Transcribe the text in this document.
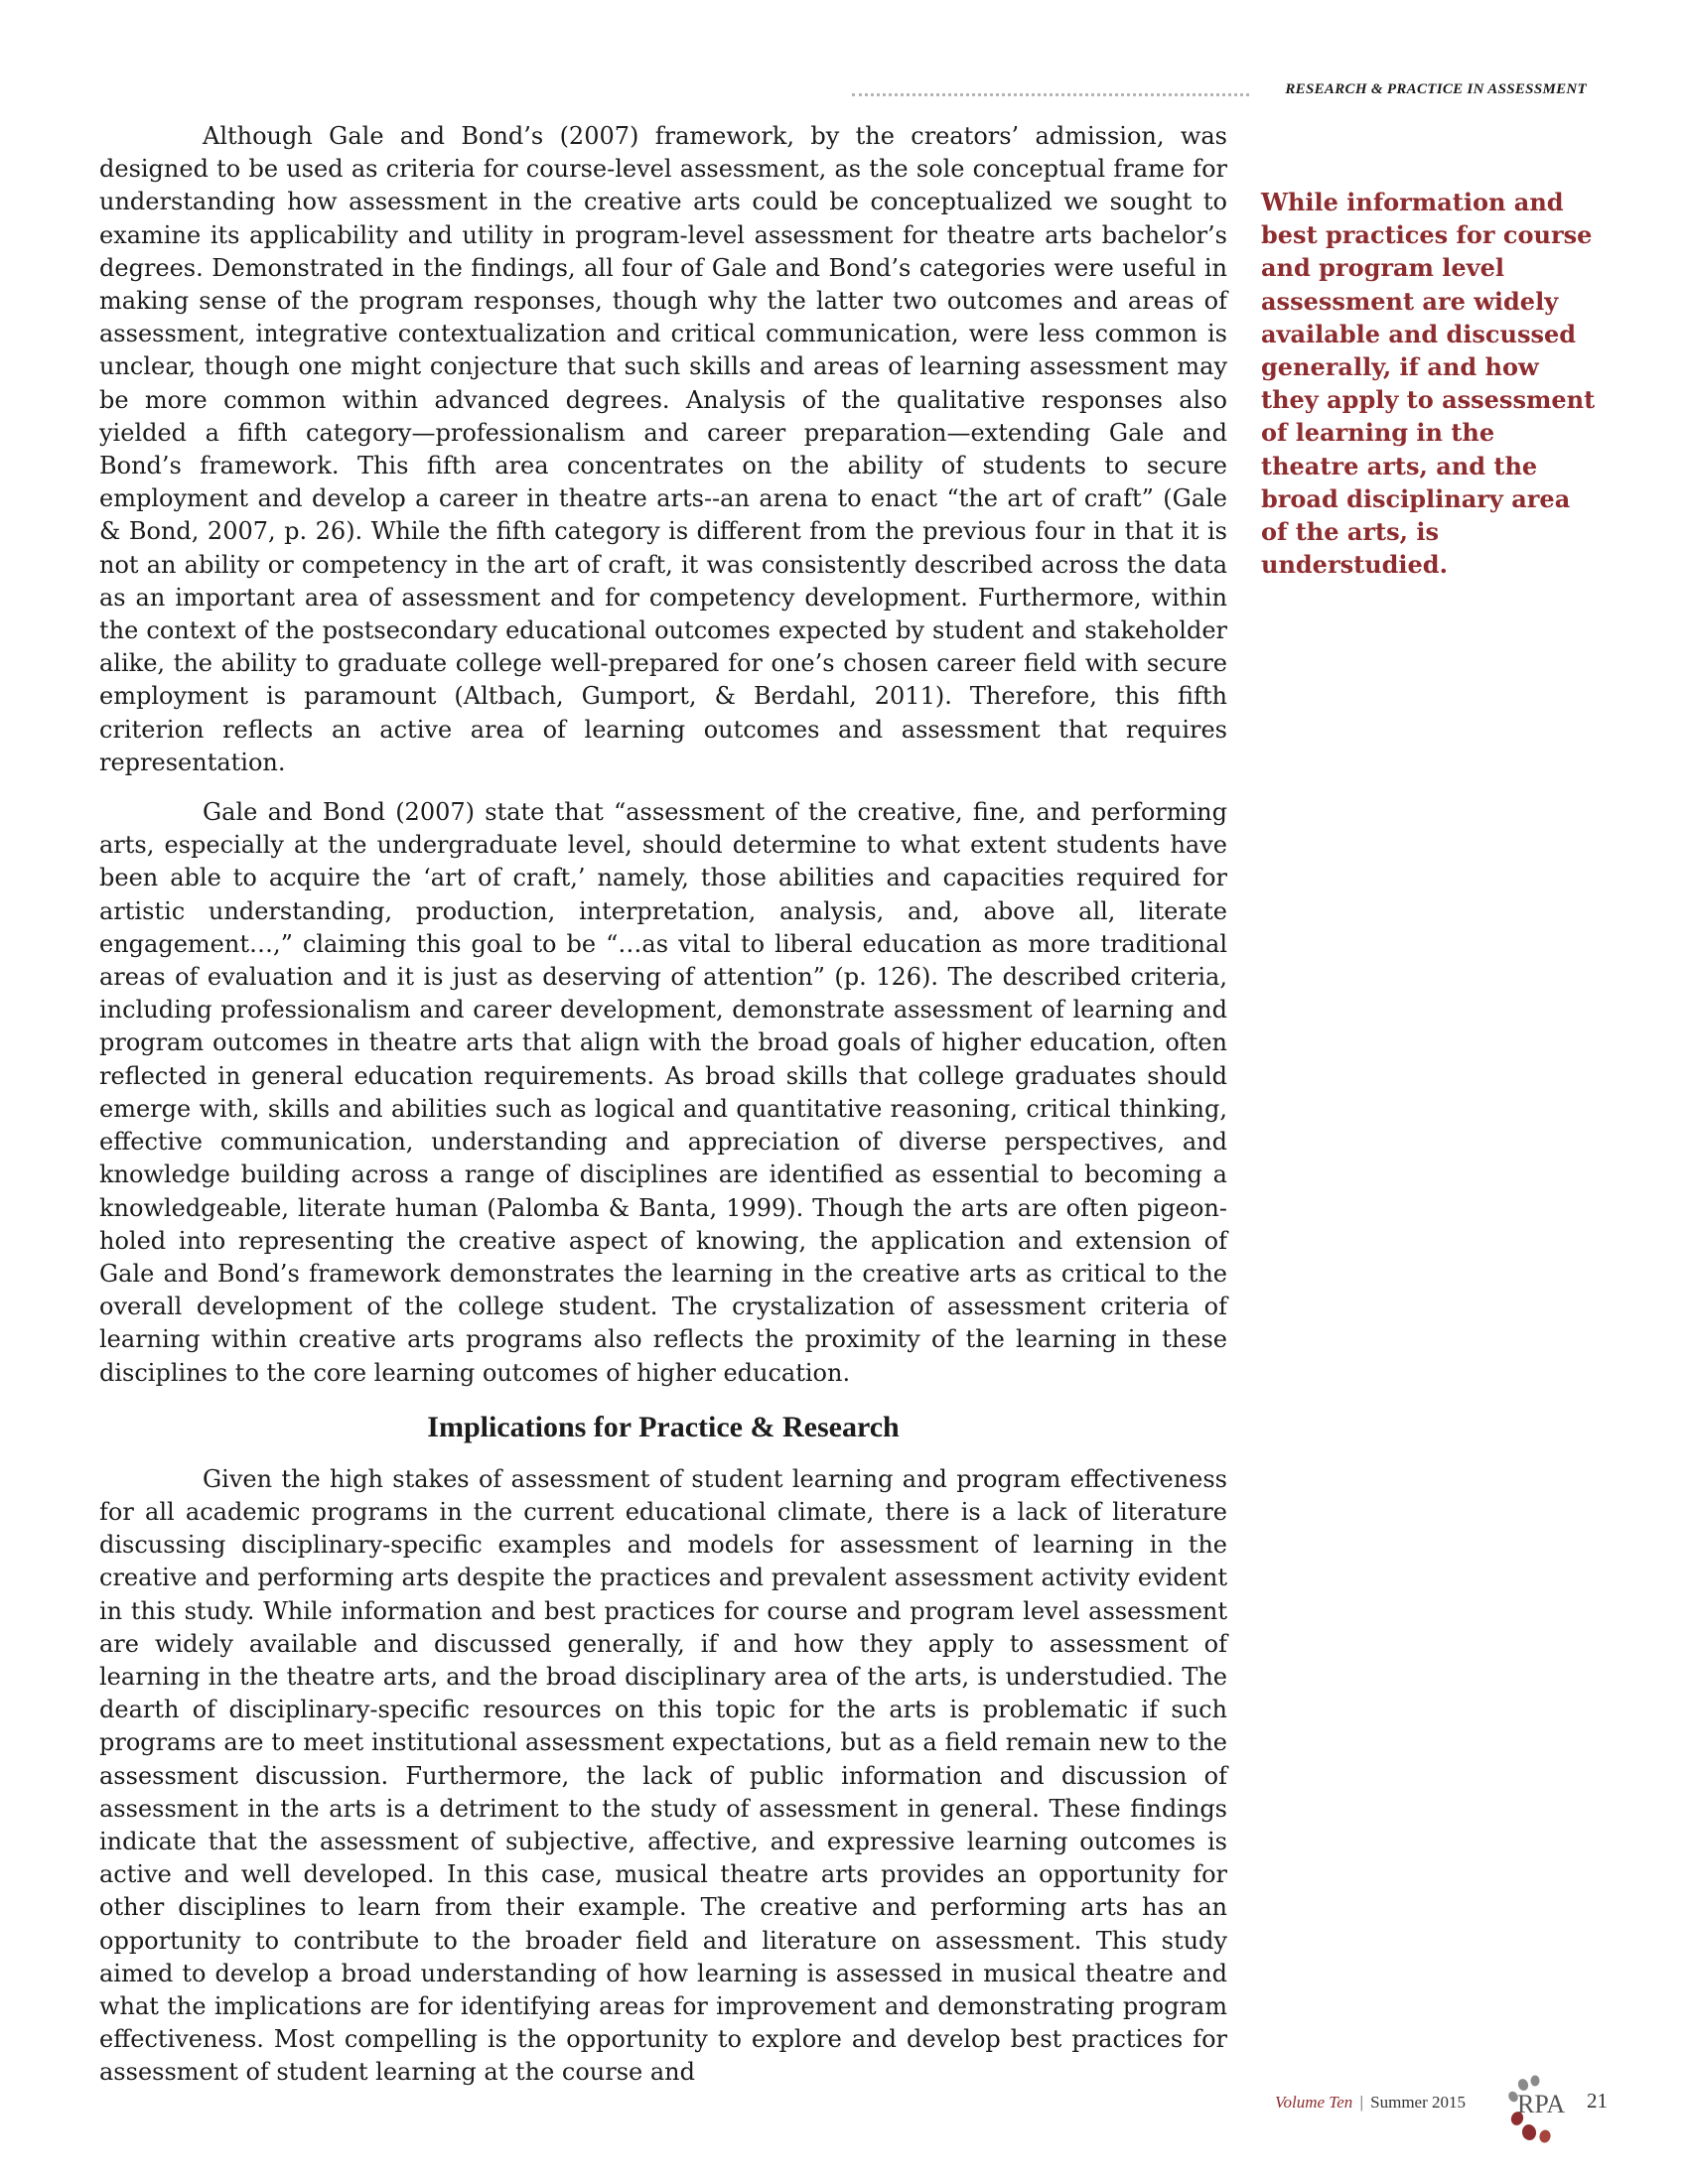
RESEARCH & PRACTICE IN ASSESSMENT

Although Gale and Bond’s (2007) framework, by the creators’ admission, was designed to be used as criteria for course-level assessment, as the sole conceptual frame for understanding how assessment in the creative arts could be conceptualized we sought to examine its applicability and utility in program-level assessment for theatre arts bachelor’s degrees. Demonstrated in the findings, all four of Gale and Bond’s categories were useful in making sense of the program responses, though why the latter two outcomes and areas of assessment, integrative contextualization and critical communication, were less common is unclear, though one might conjecture that such skills and areas of learning assessment may be more common within advanced degrees. Analysis of the qualitative responses also yielded a fifth category—professionalism and career preparation—extending Gale and Bond’s framework. This fifth area concentrates on the ability of students to secure employment and develop a career in theatre arts--an arena to enact “the art of craft” (Gale & Bond, 2007, p. 26). While the fifth category is different from the previous four in that it is not an ability or competency in the art of craft, it was consistently described across the data as an important area of assessment and for competency development. Furthermore, within the context of the postsecondary educational outcomes expected by student and stakeholder alike, the ability to graduate college well-prepared for one’s chosen career field with secure employment is paramount (Altbach, Gumport, & Berdahl, 2011). Therefore, this fifth criterion reflects an active area of learning outcomes and assessment that requires representation.

Gale and Bond (2007) state that “assessment of the creative, fine, and performing arts, especially at the undergraduate level, should determine to what extent students have been able to acquire the ‘art of craft,’ namely, those abilities and capacities required for artistic understanding, production, interpretation, analysis, and, above all, literate engagement…,” claiming this goal to be “…as vital to liberal education as more traditional areas of evaluation and it is just as deserving of attention” (p. 126). The described criteria, including professionalism and career development, demonstrate assessment of learning and program outcomes in theatre arts that align with the broad goals of higher education, often reflected in general education requirements. As broad skills that college graduates should emerge with, skills and abilities such as logical and quantitative reasoning, critical thinking, effective communication, understanding and appreciation of diverse perspectives, and knowledge building across a range of disciplines are identified as essential to becoming a knowledgeable, literate human (Palomba & Banta, 1999). Though the arts are often pigeon-holed into representing the creative aspect of knowing, the application and extension of Gale and Bond’s framework demonstrates the learning in the creative arts as critical to the overall development of the college student. The crystalization of assessment criteria of learning within creative arts programs also reflects the proximity of the learning in these disciplines to the core learning outcomes of higher education.

Implications for Practice & Research

Given the high stakes of assessment of student learning and program effectiveness for all academic programs in the current educational climate, there is a lack of literature discussing disciplinary-specific examples and models for assessment of learning in the creative and performing arts despite the practices and prevalent assessment activity evident in this study. While information and best practices for course and program level assessment are widely available and discussed generally, if and how they apply to assessment of learning in the theatre arts, and the broad disciplinary area of the arts, is understudied. The dearth of disciplinary-specific resources on this topic for the arts is problematic if such programs are to meet institutional assessment expectations, but as a field remain new to the assessment discussion. Furthermore, the lack of public information and discussion of assessment in the arts is a detriment to the study of assessment in general. These findings indicate that the assessment of subjective, affective, and expressive learning outcomes is active and well developed. In this case, musical theatre arts provides an opportunity for other disciplines to learn from their example. The creative and performing arts has an opportunity to contribute to the broader field and literature on assessment. This study aimed to develop a broad understanding of how learning is assessed in musical theatre and what the implications are for identifying areas for improvement and demonstrating program effectiveness. Most compelling is the opportunity to explore and develop best practices for assessment of student learning at the course and

While information and best practices for course and program level assessment are widely available and discussed generally, if and how they apply to assessment of learning in the theatre arts, and the broad disciplinary area of the arts, is understudied.
Volume Ten | Summer 2015 RPA 21
